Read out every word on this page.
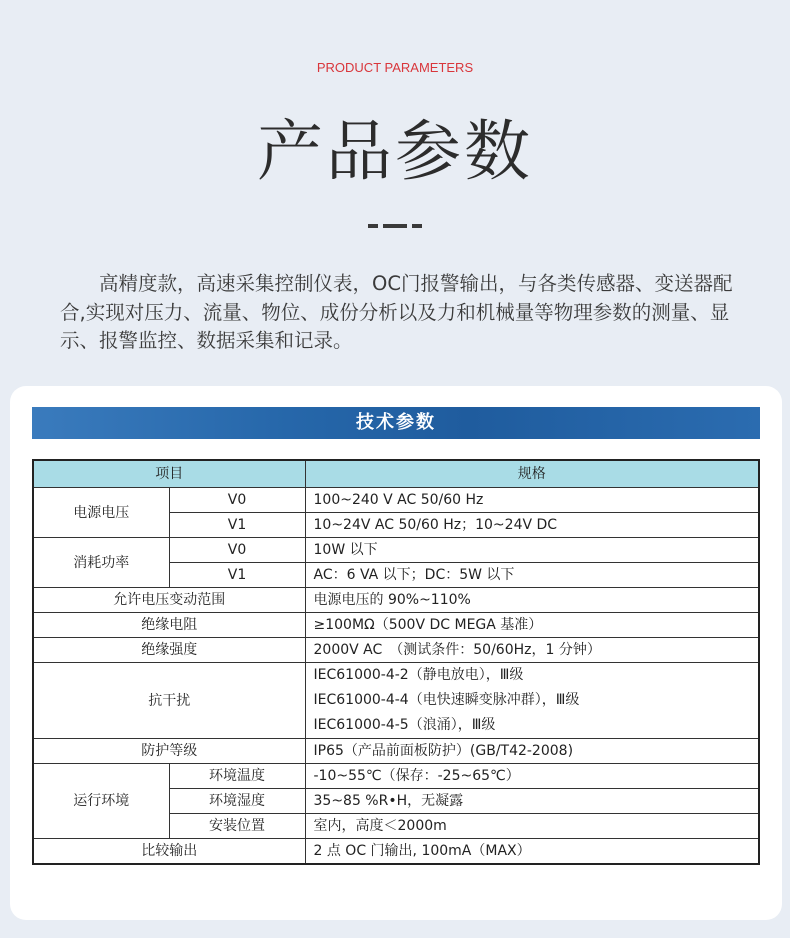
PRODUCT PARAMETERS
产品参数
高精度款，高速采集控制仪表，OC门报警输出，与各类传感器、变送器配合,实现对压力、流量、物位、成份分析以及力和机械量等物理参数的测量、显示、报警监控、数据采集和记录。
技术参数
项目		规格
电源电压	V0	100~240 V AC 50/60 Hz
	V1	10~24V AC 50/60 Hz；10~24V DC
消耗功率	V0	10W 以下
	V1	AC：6 VA 以下；DC：5W 以下
允许电压变动范围		电源电压的 90%~110%
绝缘电阻		≥100MΩ（500V DC MEGA 基准）
绝缘强度		2000V AC　（测试条件：50/60Hz，1 分钟）
抗干扰		IEC61000-4-2（静电放电），Ⅲ级
IEC61000-4-4（电快速瞬变脉冲群），Ⅲ级
IEC61000-4-5（浪涌），Ⅲ级

防护等级		IP65（产品前面板防护）(GB/T42-2008)
运行环境	环境温度	-10~55℃（保存：-25~65℃）
	环境湿度	35~85 %R•H，无凝露
	安装位置	室内，高度＜2000m
比较输出		2 点 OC 门输出, 100mA（MAX）
